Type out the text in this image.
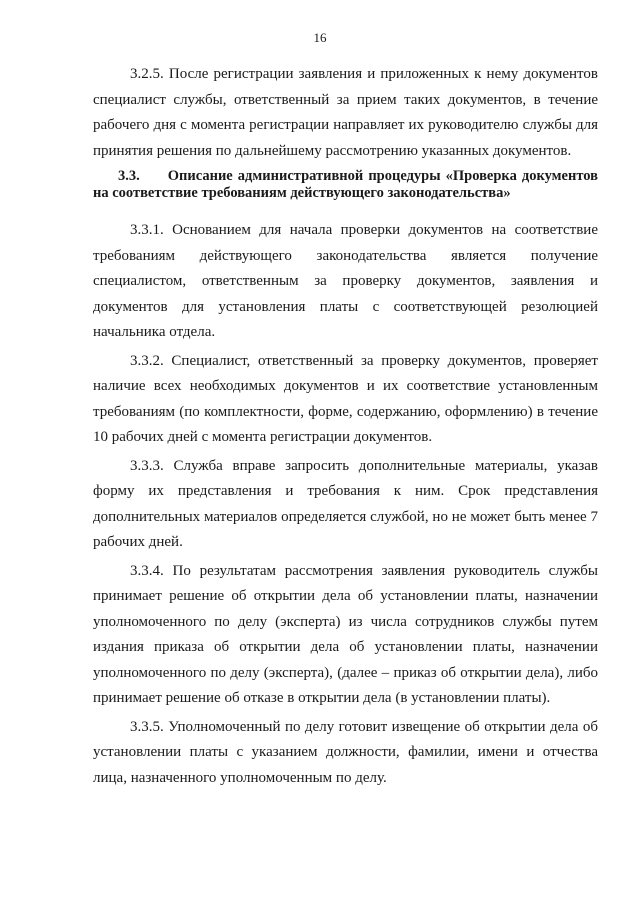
16

3.2.5. После регистрации заявления и приложенных к нему документов специалист службы, ответственный за прием таких документов, в течение рабочего дня с момента регистрации направляет их руководителю службы для принятия решения по дальнейшему рассмотрению указанных документов.

3.3. Описание административной процедуры «Проверка документов на соответствие требованиям действующего законодательства»

3.3.1. Основанием для начала проверки документов на соответствие требованиям действующего законодательства является получение специалистом, ответственным за проверку документов, заявления и документов для установления платы с соответствующей резолюцией начальника отдела.

3.3.2. Специалист, ответственный за проверку документов, проверяет наличие всех необходимых документов и их соответствие установленным требованиям (по комплектности, форме, содержанию, оформлению) в течение 10 рабочих дней с момента регистрации документов.

3.3.3. Служба вправе запросить дополнительные материалы, указав форму их представления и требования к ним. Срок представления дополнительных материалов определяется службой, но не может быть менее 7 рабочих дней.

3.3.4. По результатам рассмотрения заявления руководитель службы принимает решение об открытии дела об установлении платы, назначении уполномоченного по делу (эксперта) из числа сотрудников службы путем издания приказа об открытии дела об установлении платы, назначении уполномоченного по делу (эксперта), (далее – приказ об открытии дела), либо принимает решение об отказе в открытии дела (в установлении платы).

3.3.5. Уполномоченный по делу готовит извещение об открытии дела об установлении платы с указанием должности, фамилии, имени и отчества лица, назначенного уполномоченным по делу.
